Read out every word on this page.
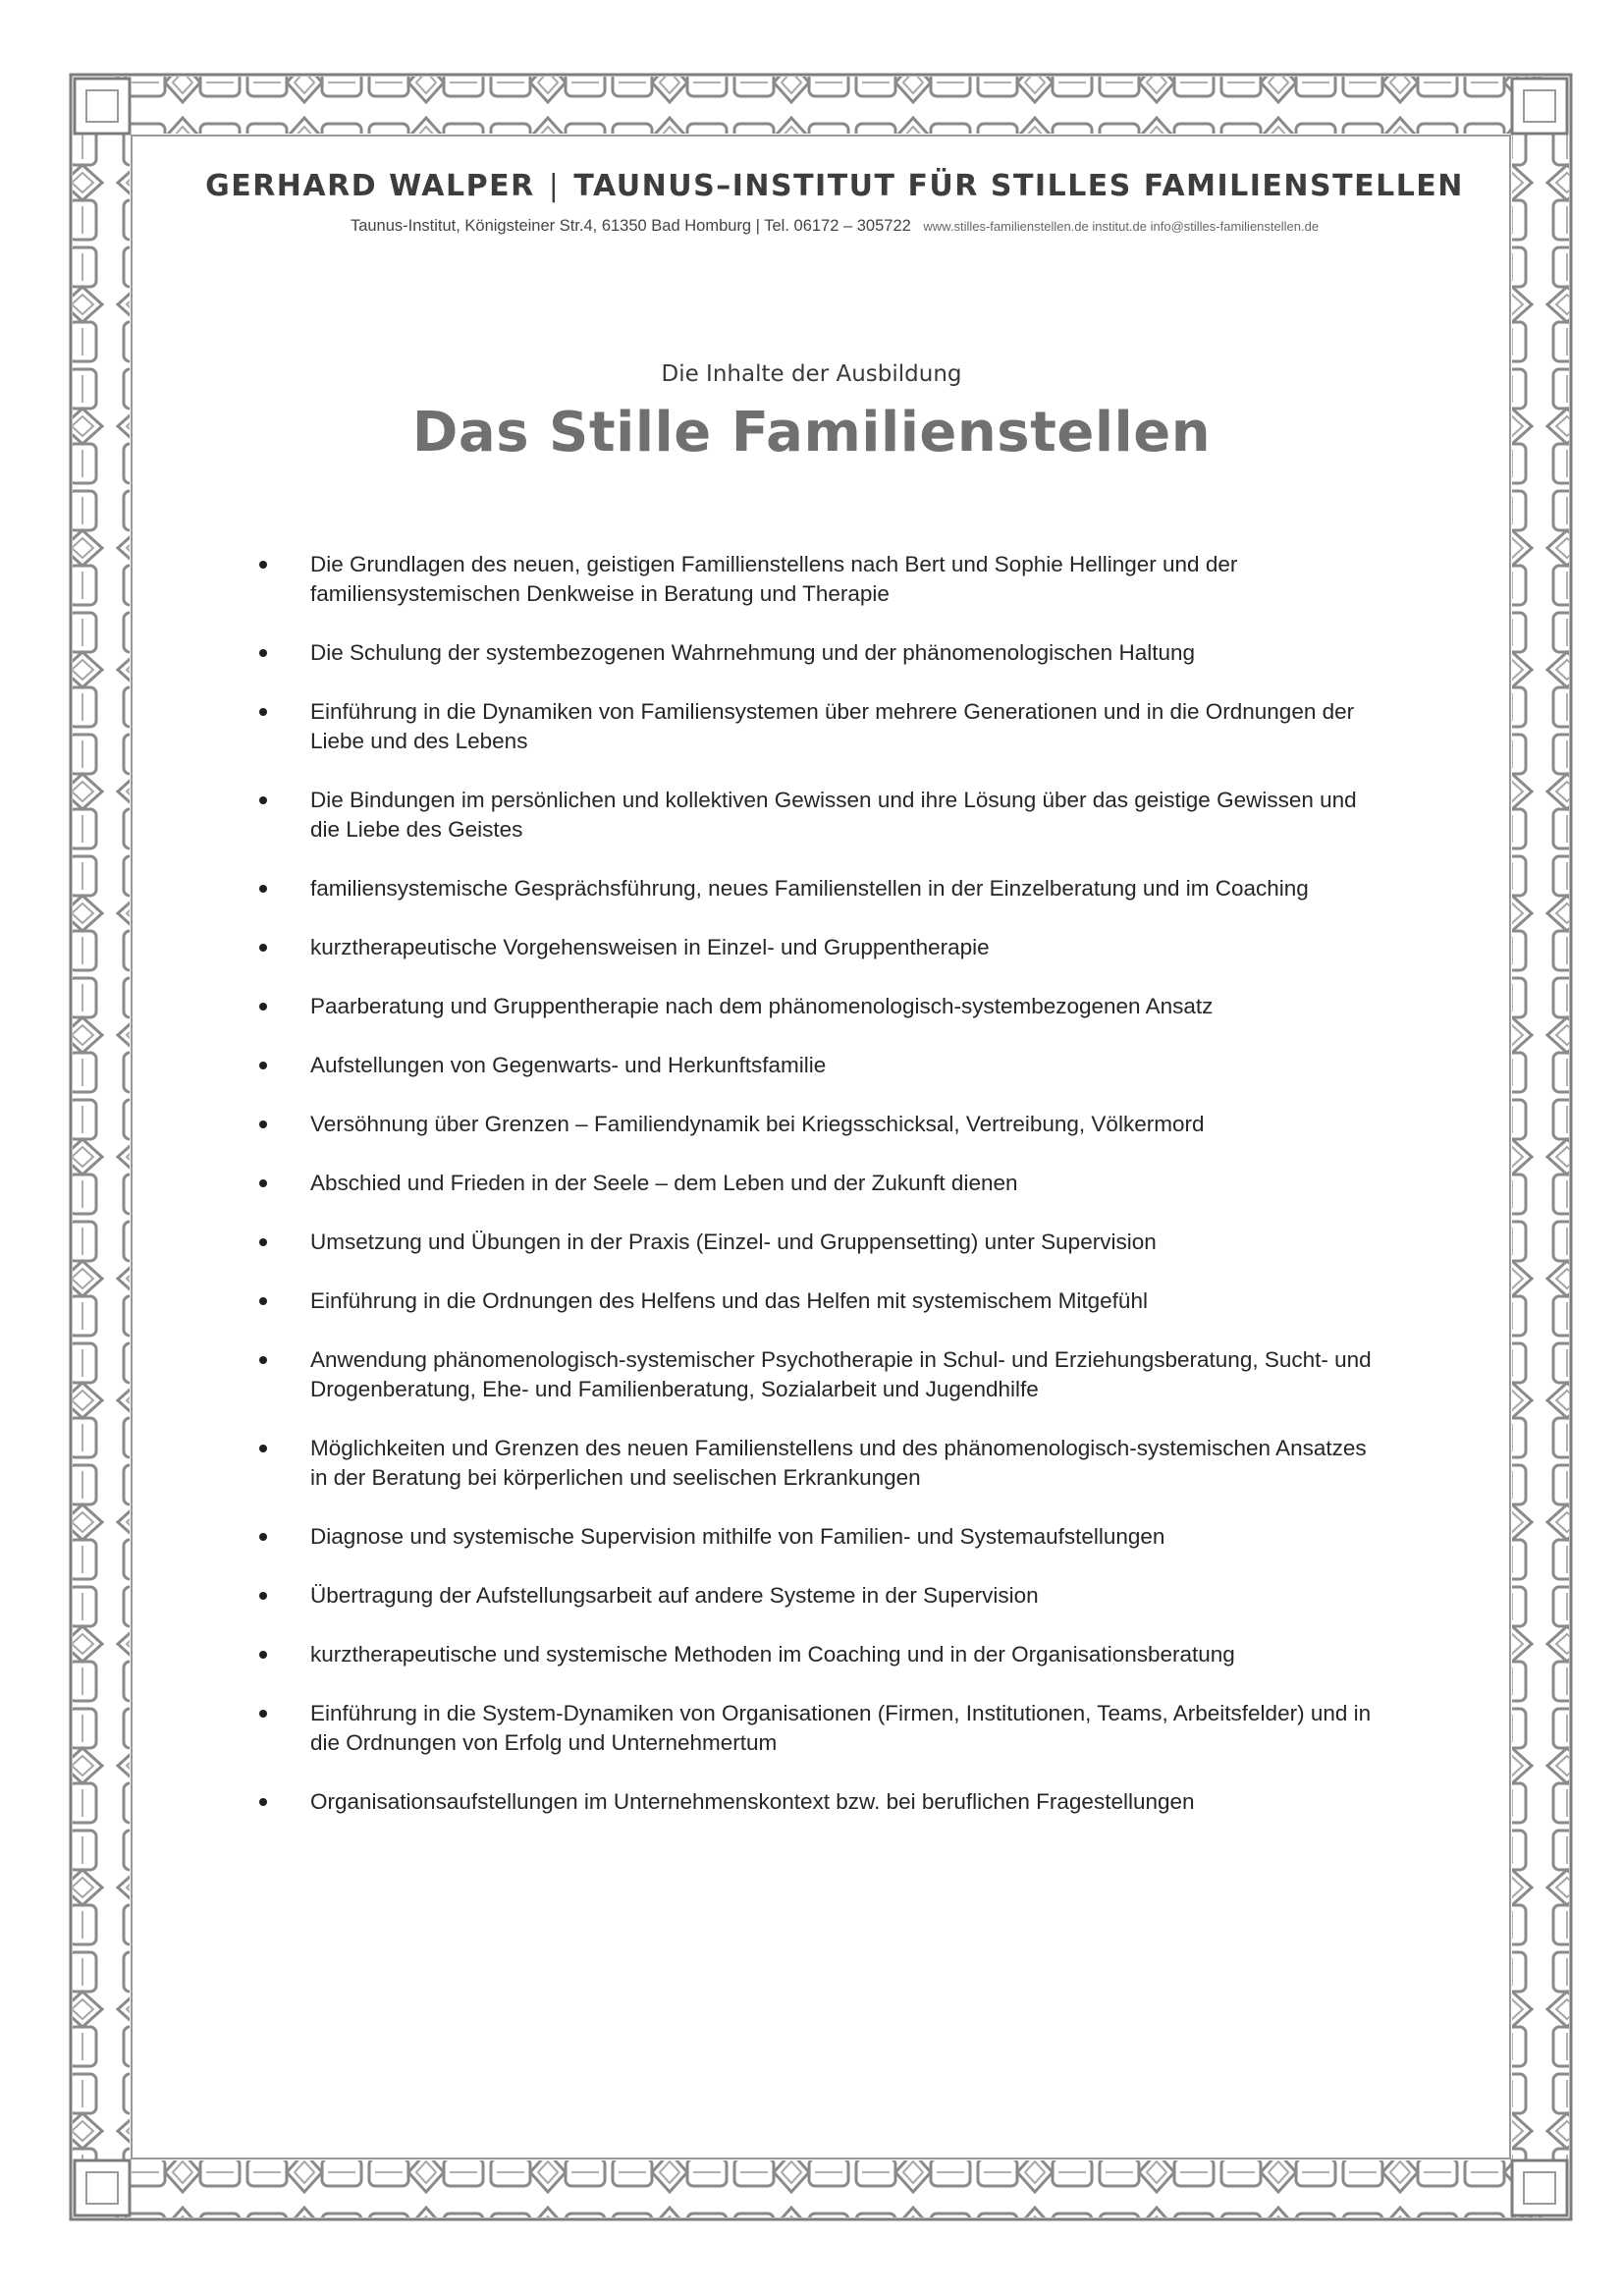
GERHARD WALPER | TAUNUS–INSTITUT FÜR STILLES FAMILIENSTELLEN
Taunus-Institut, Königsteiner Str.4, 61350 Bad Homburg | Tel. 06172 – 305722 www.stilles-familienstellen.de institut.de info@stilles-familienstellen.de
Die Inhalte der Ausbildung
Das Stille Familienstellen
Die Grundlagen des neuen, geistigen Famillienstellens nach Bert und Sophie Hellinger und der familiensystemischen Denkweise in Beratung und Therapie
Die Schulung der systembezogenen Wahrnehmung und der phänomenologischen Haltung
Einführung in die Dynamiken von Familiensystemen über mehrere Generationen und in die Ordnungen der Liebe und des Lebens
Die Bindungen im persönlichen und kollektiven Gewissen und ihre Lösung über das geistige Gewissen und die Liebe des Geistes
familiensystemische Gesprächsführung, neues Familienstellen in der Einzelberatung und im Coaching
kurztherapeutische Vorgehensweisen in Einzel- und Gruppentherapie
Paarberatung und Gruppentherapie nach dem phänomenologisch-systembezogenen Ansatz
Aufstellungen von Gegenwarts- und Herkunftsfamilie
Versöhnung über Grenzen – Familiendynamik bei Kriegsschicksal, Vertreibung, Völkermord
Abschied und Frieden in der Seele – dem Leben und der Zukunft dienen
Umsetzung und Übungen in der Praxis (Einzel- und Gruppensetting) unter Supervision
Einführung in die Ordnungen des Helfens und das Helfen mit systemischem Mitgefühl
Anwendung phänomenologisch-systemischer Psychotherapie in Schul- und Erziehungsberatung, Sucht- und Drogenberatung, Ehe- und Familienberatung, Sozialarbeit und Jugendhilfe
Möglichkeiten und Grenzen des neuen Familienstellens und des phänomenologisch-systemischen Ansatzes in der Beratung bei körperlichen und seelischen Erkrankungen
Diagnose und systemische Supervision mithilfe von Familien- und Systemaufstellungen
Übertragung der Aufstellungsarbeit auf andere Systeme in der Supervision
kurztherapeutische und systemische Methoden im Coaching und in der Organisationsberatung
Einführung in die System-Dynamiken von Organisationen (Firmen, Institutionen, Teams, Arbeitsfelder) und in die Ordnungen von Erfolg und Unternehmertum
Organisationsaufstellungen im Unternehmenskontext bzw. bei beruflichen Fragestellungen
